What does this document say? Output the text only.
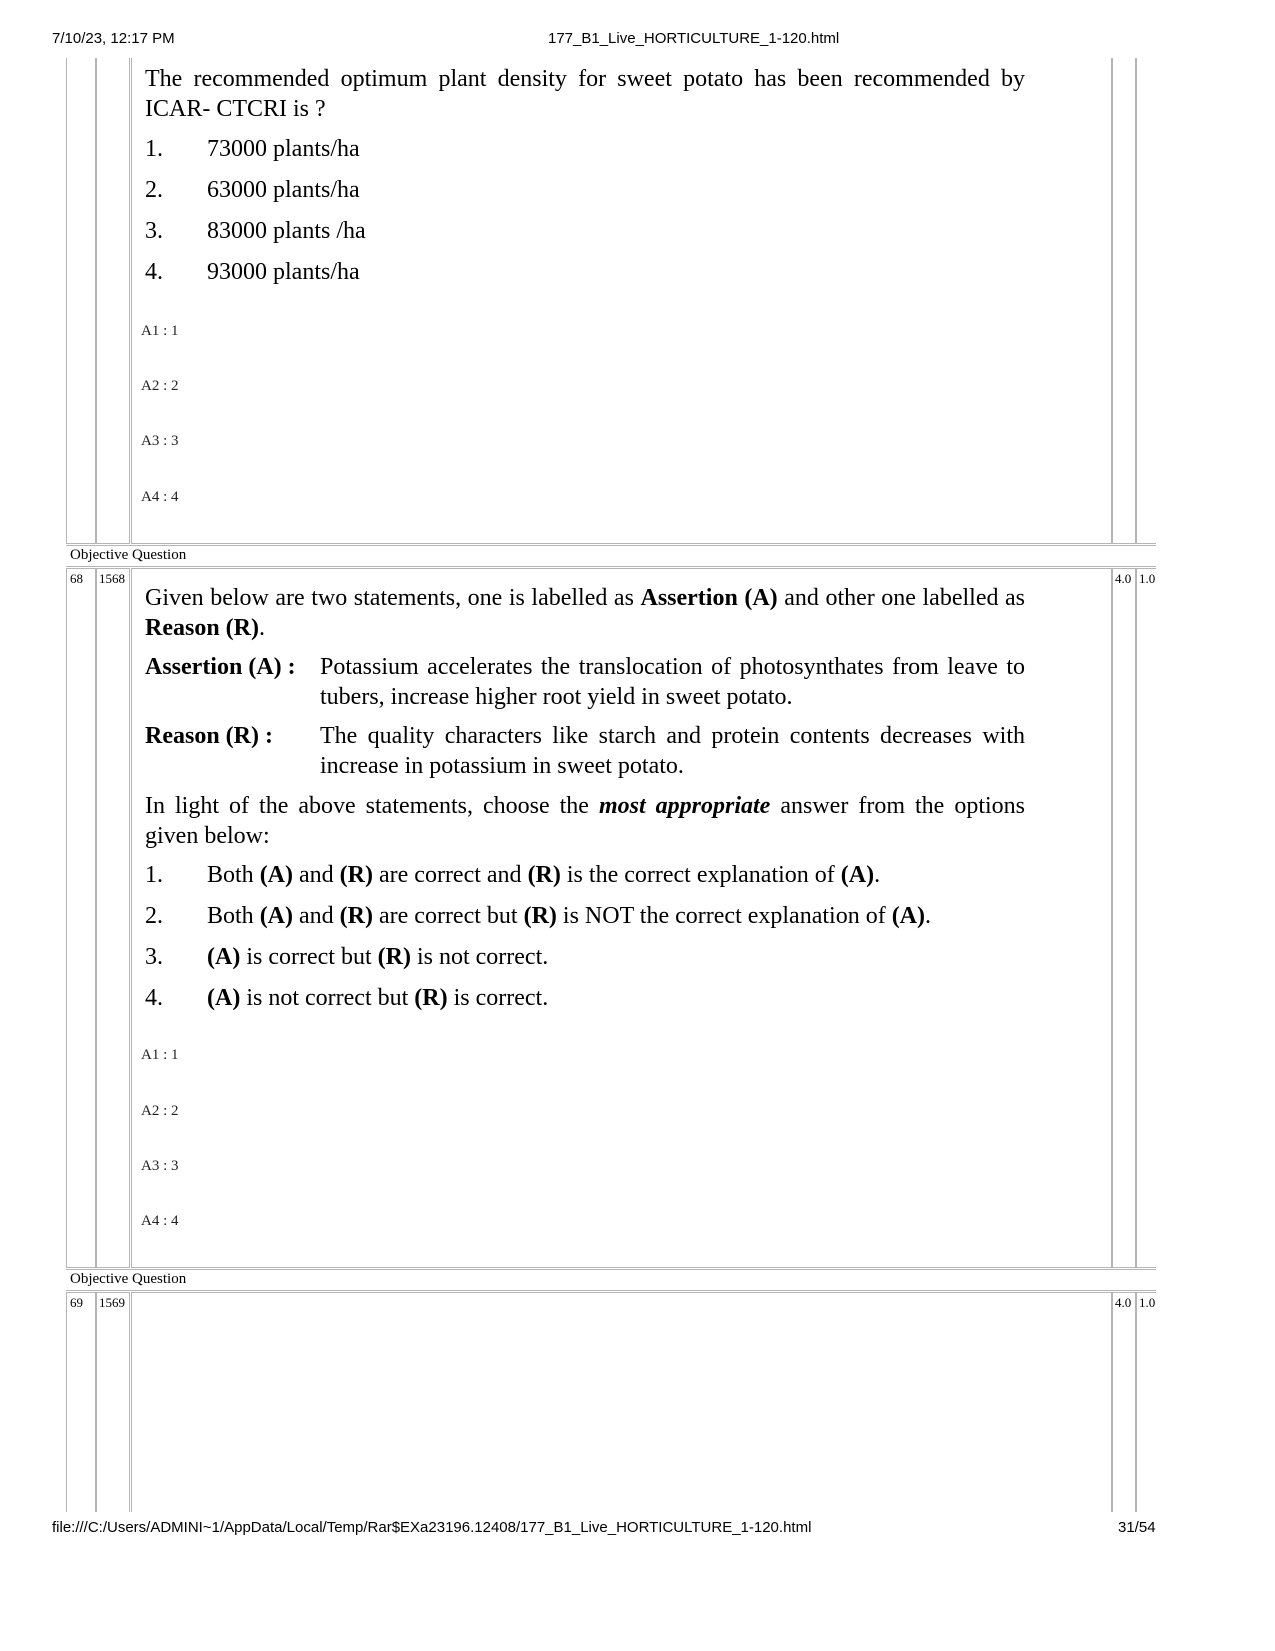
7/10/23, 12:17 PM	177_B1_Live_HORTICULTURE_1-120.html
The recommended optimum plant density for sweet potato has been recommended by ICAR- CTCRI is ?
1. 73000 plants/ha
2. 63000 plants/ha
3. 83000 plants /ha
4. 93000 plants/ha
A1 : 1
A2 : 2
A3 : 3
A4 : 4
Objective Question
68 1568	4.0 1.0
Given below are two statements, one is labelled as Assertion (A) and other one labelled as Reason (R).
Assertion (A) :	Potassium accelerates the translocation of photosynthates from leave to tubers, increase higher root yield in sweet potato.
Reason (R) :	The quality characters like starch and protein contents decreases with increase in potassium in sweet potato.
In light of the above statements, choose the most appropriate answer from the options given below:
1. Both (A) and (R) are correct and (R) is the correct explanation of (A).
2. Both (A) and (R) are correct but (R) is NOT the correct explanation of (A).
3. (A) is correct but (R) is not correct.
4. (A) is not correct but (R) is correct.
A1 : 1
A2 : 2
A3 : 3
A4 : 4
Objective Question
69 1569	4.0 1.0
file:///C:/Users/ADMINI~1/AppData/Local/Temp/Rar$EXa23196.12408/177_B1_Live_HORTICULTURE_1-120.html	31/54
